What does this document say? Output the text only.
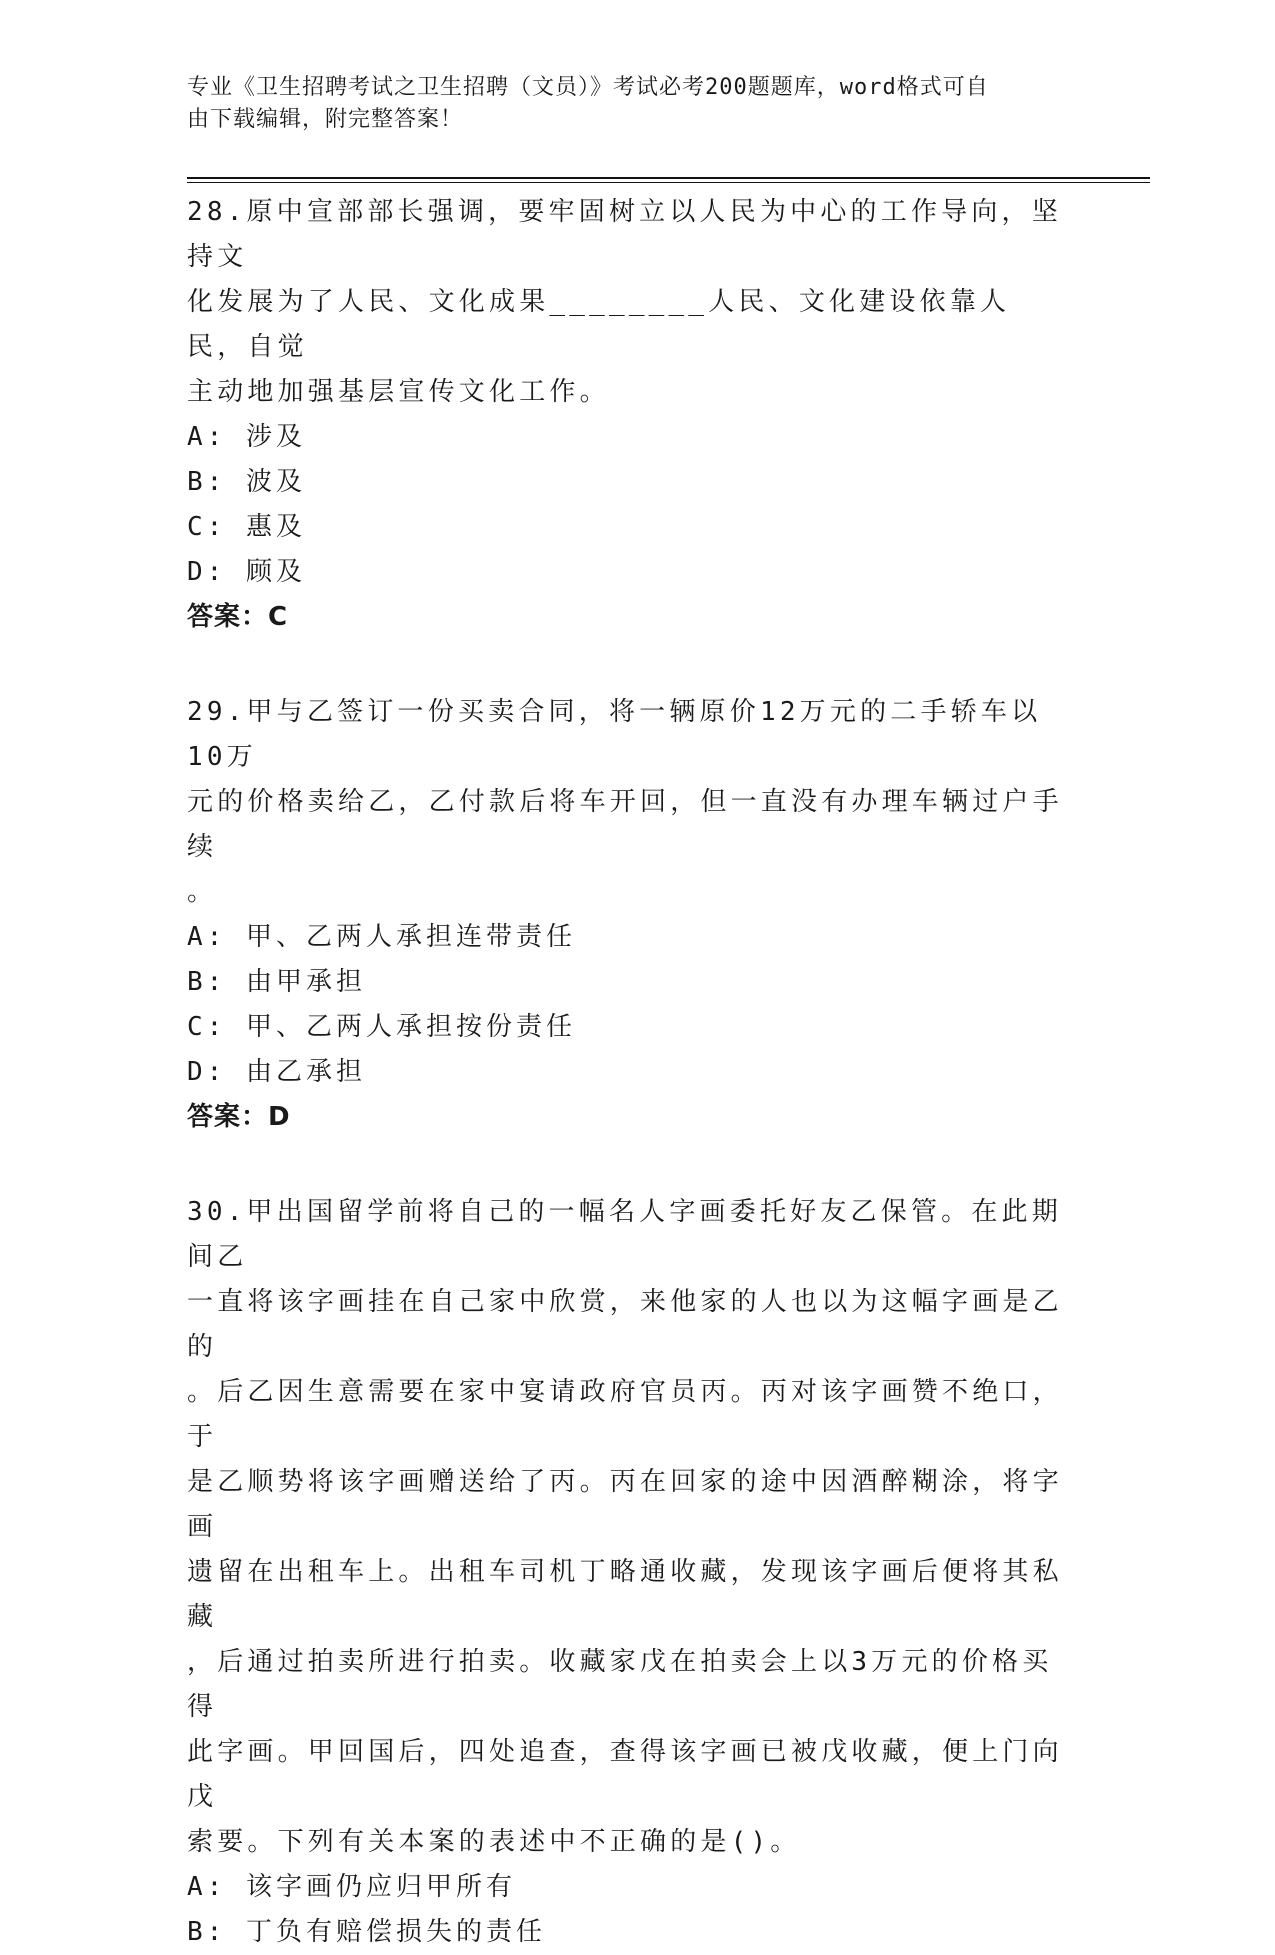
专业《卫生招聘考试之卫生招聘（文员）》考试必考200题题库，word格式可自
由下载编辑，附完整答案！

28.原中宣部部长强调，要牢固树立以人民为中心的工作导向，坚持文

化发展为了人民、文化成果________人民、文化建设依靠人民，自觉

主动地加强基层宣传文化工作。

A: 涉及

B: 波及

C: 惠及

D: 顾及

答案：C

29.甲与乙签订一份买卖合同，将一辆原价12万元的二手轿车以10万

元的价格卖给乙，乙付款后将车开回，但一直没有办理车辆过户手续

。

A: 甲、乙两人承担连带责任

B: 由甲承担

C: 甲、乙两人承担按份责任

D: 由乙承担

答案：D

30.甲出国留学前将自己的一幅名人字画委托好友乙保管。在此期间乙

一直将该字画挂在自己家中欣赏，来他家的人也以为这幅字画是乙的

。后乙因生意需要在家中宴请政府官员丙。丙对该字画赞不绝口，于

是乙顺势将该字画赠送给了丙。丙在回家的途中因酒醉糊涂，将字画

遗留在出租车上。出租车司机丁略通收藏，发现该字画后便将其私藏

，后通过拍卖所进行拍卖。收藏家戊在拍卖会上以3万元的价格买得

此字画。甲回国后，四处追查，查得该字画已被戊收藏，便上门向戊

索要。下列有关本案的表述中不正确的是()。

A: 该字画仍应归甲所有

B: 丁负有赔偿损失的责任
